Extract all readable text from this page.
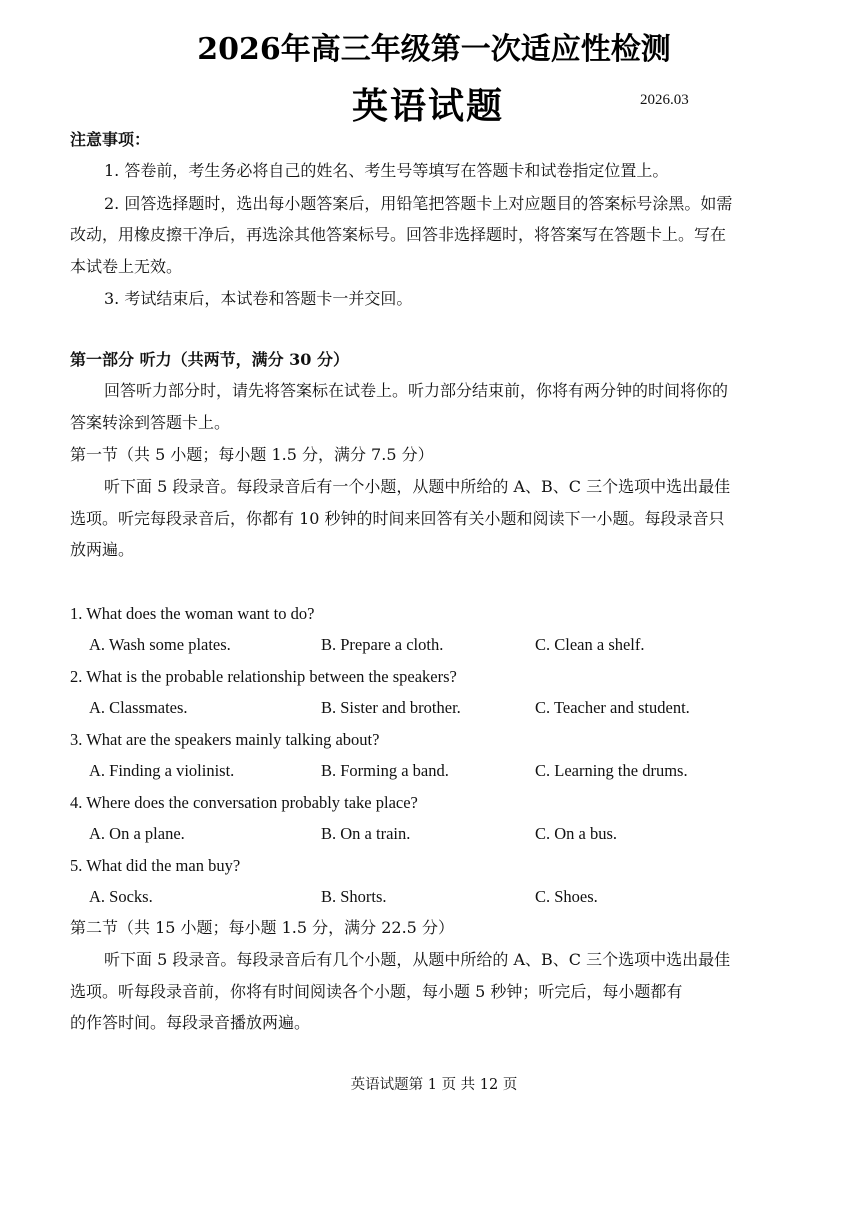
2026年高三年级第一次适应性检测
英语试题	2026.03
注意事项：
1. 答卷前，考生务必将自己的姓名、考生号等填写在答题卡和试卷指定位置上。
2. 回答选择题时，选出每小题答案后，用铅笔把答题卡上对应题目的答案标号涂黑。如需
改动，用橡皮擦干净后，再选涂其他答案标号。回答非选择题时，将答案写在答题卡上。写在
本试卷上无效。
3. 考试结束后，本试卷和答题卡一并交回。
第一部分 听力（共两节，满分 30 分）
回答听力部分时，请先将答案标在试卷上。听力部分结束前，你将有两分钟的时间将你的
答案转涂到答题卡上。
第一节（共 5 小题；每小题 1.5 分，满分 7.5 分）
听下面 5 段录音。每段录音后有一个小题，从题中所给的 A、B、C 三个选项中选出最佳
选项。听完每段录音后，你都有 10 秒钟的时间来回答有关小题和阅读下一小题。每段录音只
放两遍。
1. What does the woman want to do?
A. Wash some plates.	B. Prepare a cloth.	C. Clean a shelf.
2. What is the probable relationship between the speakers?
A. Classmates.	B. Sister and brother.	C. Teacher and student.
3. What are the speakers mainly talking about?
A. Finding a violinist.	B. Forming a band.	C. Learning the drums.
4. Where does the conversation probably take place?
A. On a plane.	B. On a train.	C. On a bus.
5. What did the man buy?
A. Socks.	B. Shorts.	C. Shoes.
第二节（共 15 小题；每小题 1.5 分，满分 22.5 分）
听下面 5 段录音。每段录音后有几个小题，从题中所给的 A、B、C 三个选项中选出最佳
选项。听每段录音前，你将有时间阅读各个小题，每小题 5 秒钟；听完后，每小题都有
的作答时间。每段录音播放两遍。
英语试题第 1 页 共 12 页
